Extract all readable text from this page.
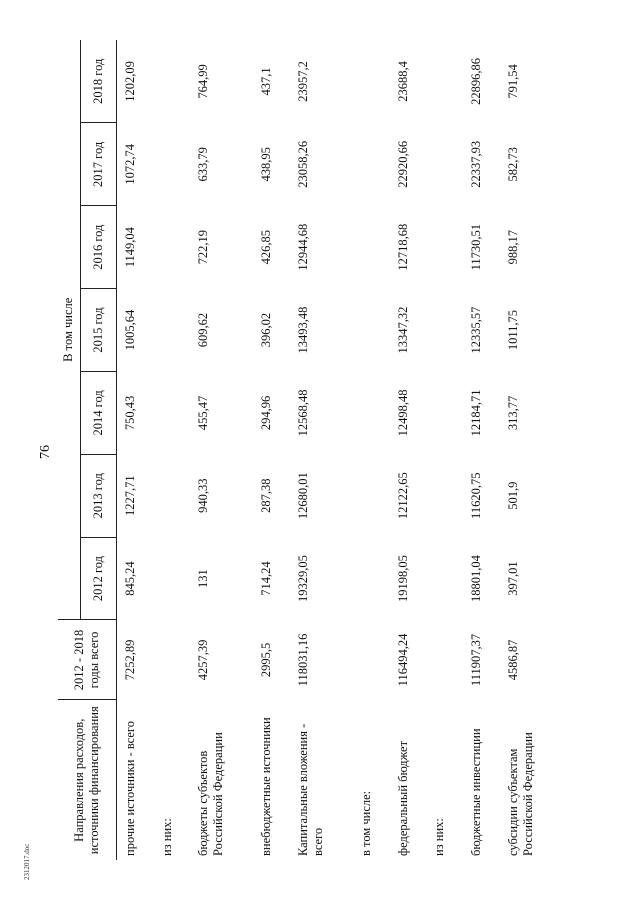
76
Направления расходов, источники финансирования	2012 - 2018 годы всего	В том числе						
		2012 год	2013 год	2014 год	2015 год	2016 год	2017 год	2018 год
прочие источники - всего	7252,89	845,24	1227,71	750,43	1005,64	1149,04	1072,74	1202,09
из них:								
бюджеты субъектов Российской Федерации	4257,39	131	940,33	455,47	609,62	722,19	633,79	764,99
внебюджетные источники	2995,5	714,24	287,38	294,96	396,02	426,85	438,95	437,1
Капитальные вложения - всего	118031,16	19329,05	12680,01	12568,48	13493,48	12944,68	23058,26	23957,2
в том числе:								
федеральный бюджет	116494,24	19198,05	12122,65	12498,48	13347,32	12718,68	22920,66	23688,4
из них:								
бюджетные инвестиции	111907,37	18801,04	11620,75	12184,71	12335,57	11730,51	22337,93	22896,86
субсидии субъектам Российской Федерации	4586,87	397,01	501,9	313,77	1011,75	988,17	582,73	791,54
2312017.doc
